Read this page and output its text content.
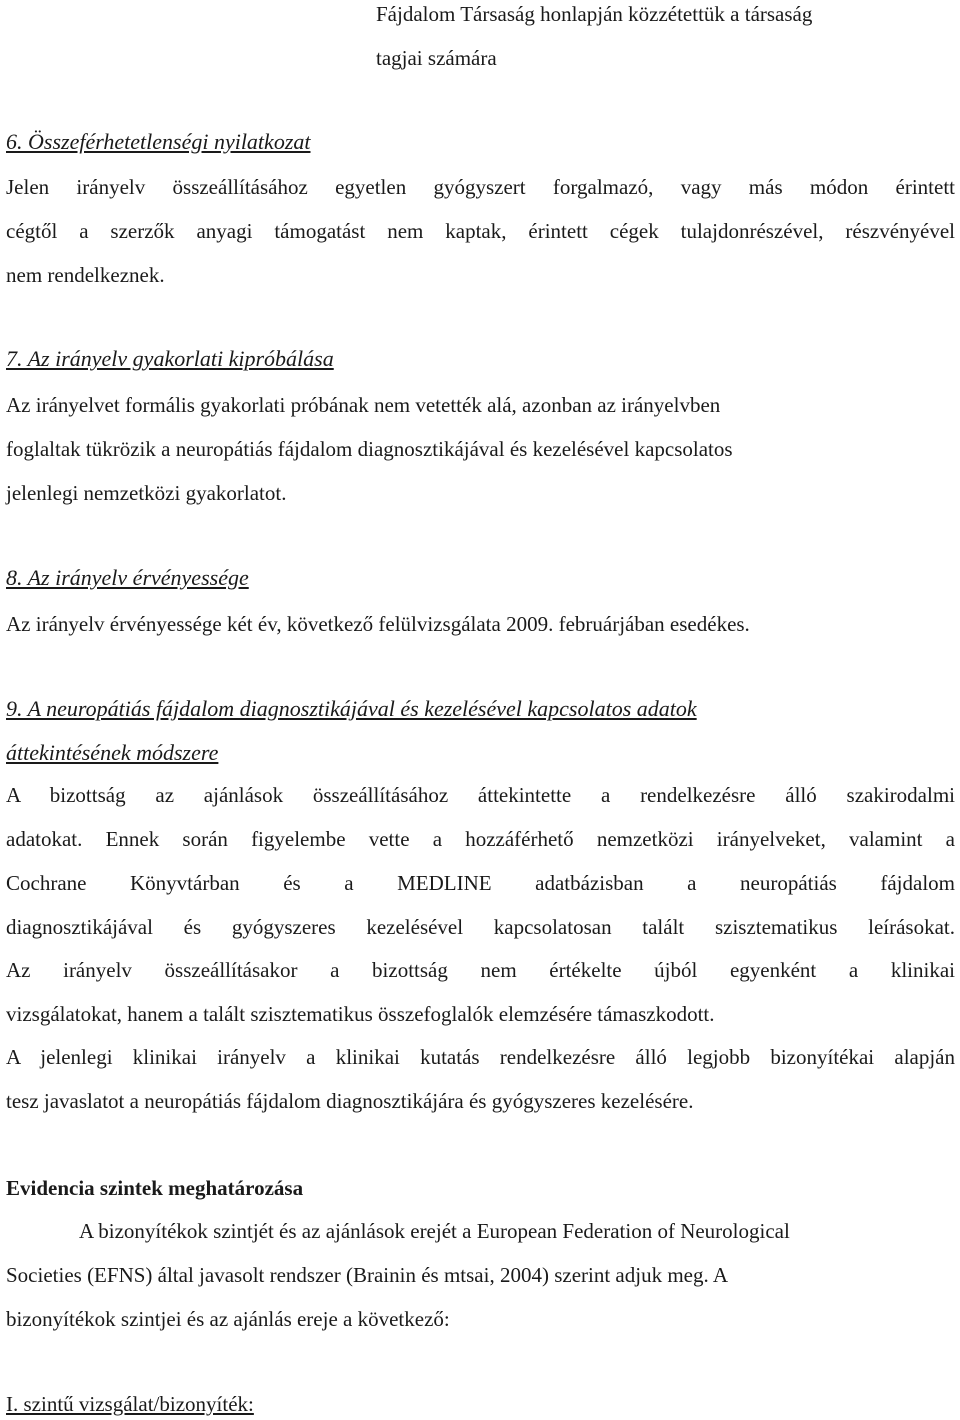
Fájdalom Társaság honlapján közzétettük a társaság
tagjai számára
6. Összeférhetetlenségi nyilatkozat
Jelen irányelv összeállításához egyetlen gyógyszert forgalmazó, vagy más módon érintett
cégtől a szerzők anyagi támogatást nem kaptak, érintett cégek tulajdonrészével, részvényével
nem rendelkeznek.
7. Az irányelv gyakorlati kipróbálása
Az irányelvet formális gyakorlati próbának nem vetették alá, azonban az irányelvben
foglaltak tükrözik a neuropátiás fájdalom diagnosztikájával és kezelésével kapcsolatos
jelenlegi nemzetközi gyakorlatot.
8. Az irányelv érvényessége
Az irányelv érvényessége két év, következő felülvizsgálata 2009. februárjában esedékes.
9. A neuropátiás fájdalom diagnosztikájával és kezelésével kapcsolatos adatok
áttekintésének módszere
A bizottság az ajánlások összeállításához áttekintette a rendelkezésre álló szakirodalmi
adatokat. Ennek során figyelembe vette a hozzáférhető nemzetközi irányelveket, valamint a
Cochrane Könyvtárban és a MEDLINE adatbázisban a neuropátiás fájdalom
diagnosztikájával és gyógyszeres kezelésével kapcsolatosan talált szisztematikus leírásokat.
Az irányelv összeállításakor a bizottság nem értékelte újból egyenként a klinikai
vizsgálatokat, hanem a talált szisztematikus összefoglalók elemzésére támaszkodott.
A jelenlegi klinikai irányelv a klinikai kutatás rendelkezésre álló legjobb bizonyítékai alapján
tesz javaslatot a neuropátiás fájdalom diagnosztikájára és gyógyszeres kezelésére.
Evidencia szintek meghatározása
A bizonyítékok szintjét és az ajánlások erejét a European Federation of Neurological
Societies (EFNS) által javasolt rendszer (Brainin és mtsai, 2004) szerint adjuk meg. A
bizonyítékok szintjei és az ajánlás ereje a következő:
I. szintű vizsgálat/bizonyíték:
